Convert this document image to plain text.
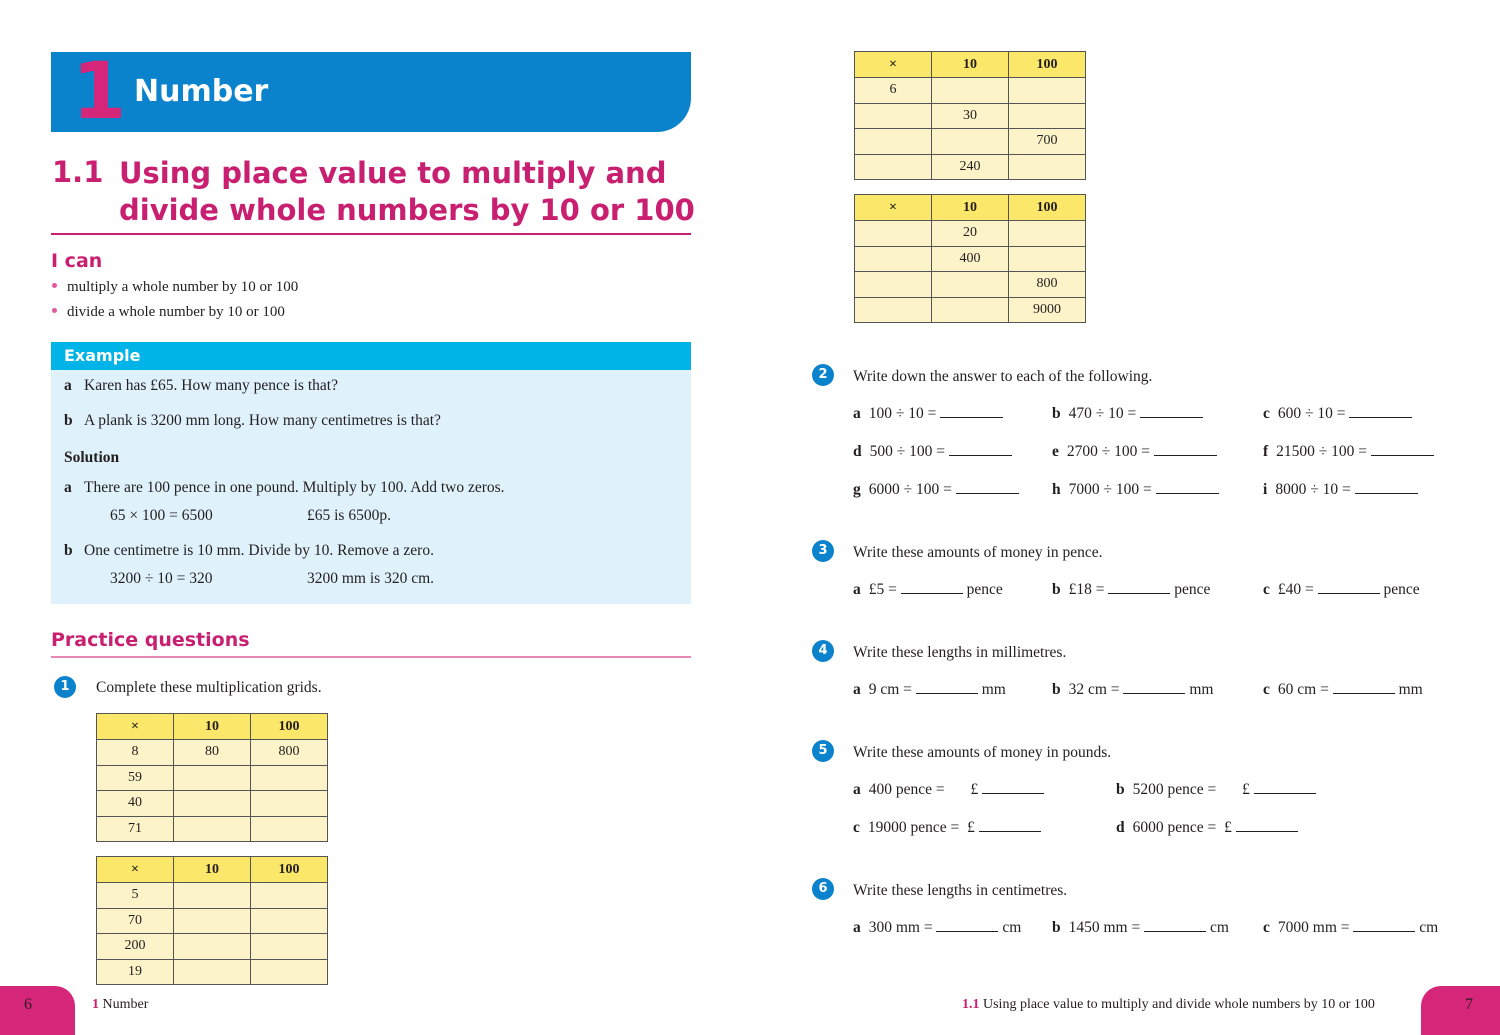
1 Number
1.1 Using place value to multiply and
divide whole numbers by 10 or 100
I can
multiply a whole number by 10 or 100
divide a whole number by 10 or 100
Example
a Karen has £65. How many pence is that?
b A plank is 3200 mm long. How many centimetres is that?
Solution
a There are 100 pence in one pound. Multiply by 100. Add two zeros.
65 × 100 = 6500	£65 is 6500p.
b One centimetre is 10 mm. Divide by 10. Remove a zero.
3200 ÷ 10 = 320	3200 mm is 320 cm.
Practice questions
1	Complete these multiplication grids.
×	10	100
8	80	800
59		
40		
71		
×	10	100
5		
70		
200		
19		
×	10	100
6		
	30	
		700
	240	
×	10	100
	20	
	400	
		800
		9000
2	Write down the answer to each of the following.
a 100 ÷ 10 =	b 470 ÷ 10 =	c 600 ÷ 10 =
d 500 ÷ 100 =	e 2700 ÷ 100 =	f 21500 ÷ 100 =
g 6000 ÷ 100 =	h 7000 ÷ 100 =	i 8000 ÷ 10 =
3	Write these amounts of money in pence.
a £5 =	pence	b £18 =	pence	c £40 =	pence
4	Write these lengths in millimetres.
a 9 cm =	mm	b 32 cm =	mm	c 60 cm =	mm
5	Write these amounts of money in pounds.
a 400 pence = £	b 5200 pence = £
c 19000 pence = £	d 6000 pence = £
6	Write these lengths in centimetres.
a 300 mm =	cm b 1450 mm =	cm c 7000 mm =	cm
6	1 Number	1.1 Using place value to multiply and divide whole numbers by 10 or 100	7
